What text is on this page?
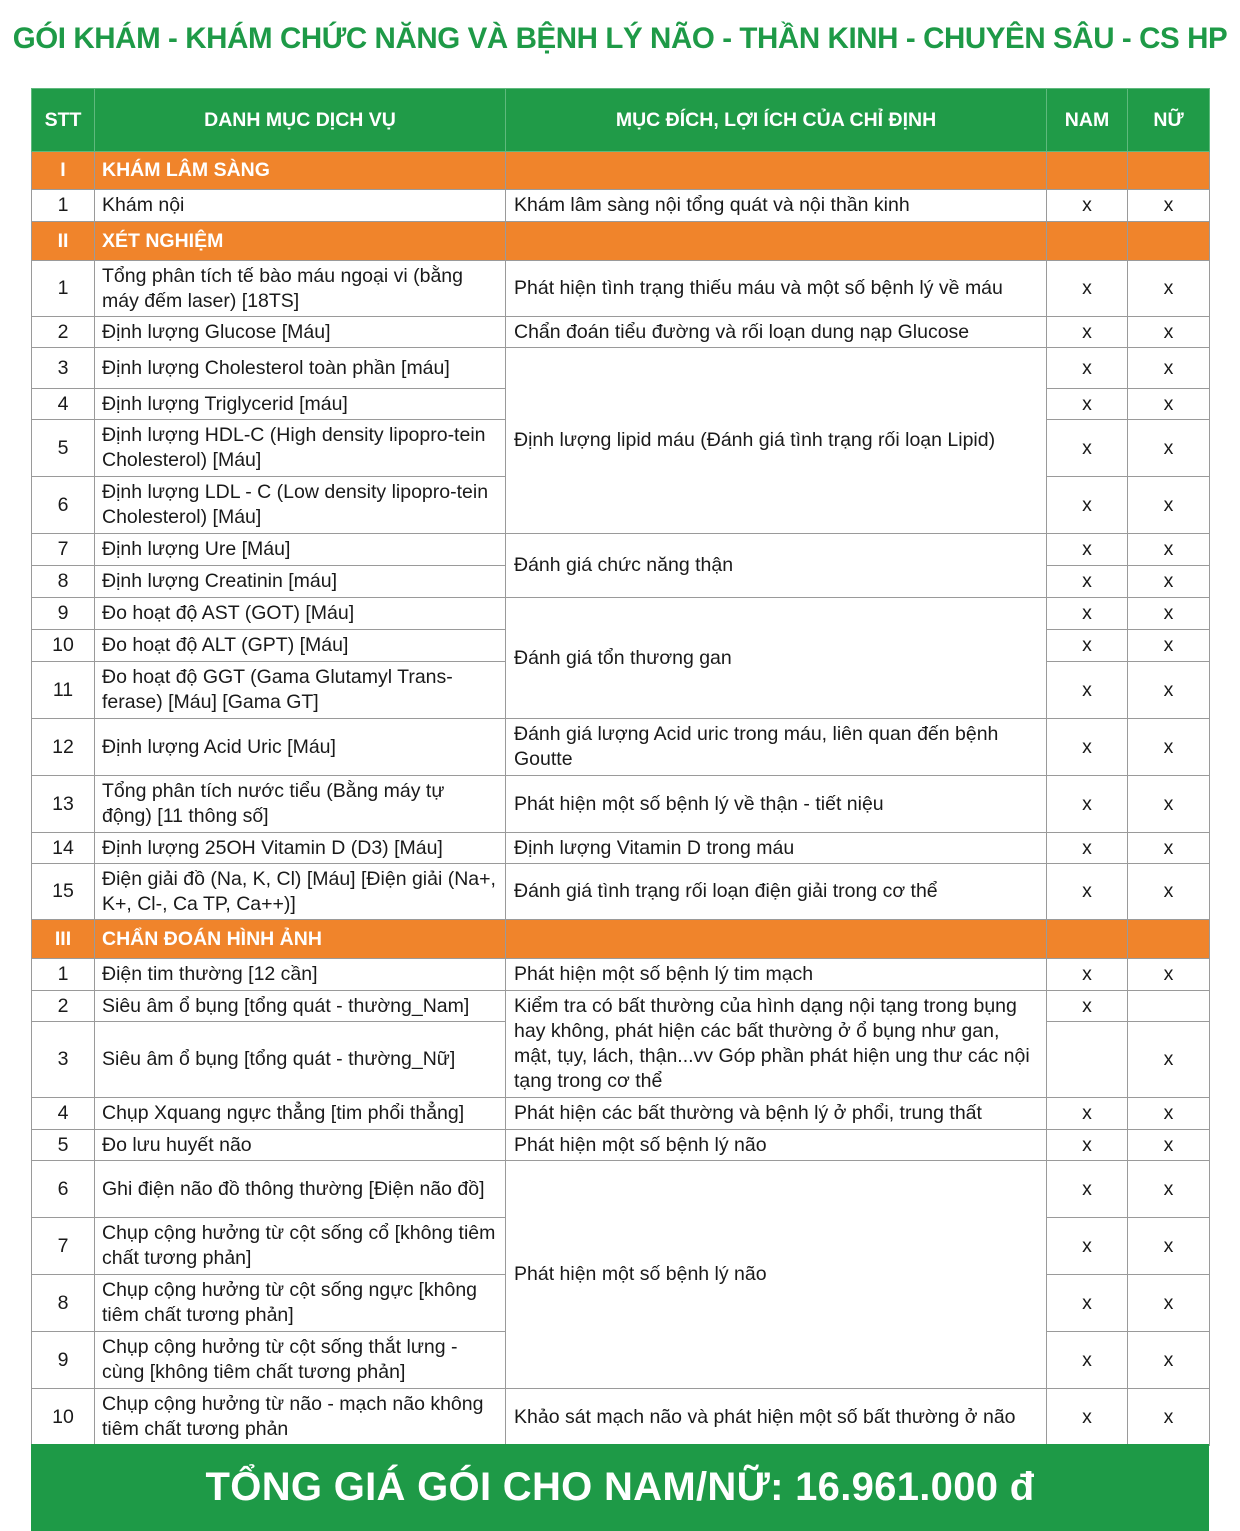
GÓI KHÁM - KHÁM CHỨC NĂNG VÀ BỆNH LÝ NÃO - THẦN KINH - CHUYÊN SÂU - CS HP
STT	DANH MỤC DỊCH VỤ	MỤC ĐÍCH, LỢI ÍCH CỦA CHỈ ĐỊNH	NAM	NỮ
I	KHÁM LÂM SÀNG			
1	Khám nội	Khám lâm sàng nội tổng quát và nội thần kinh	x	x
II	XÉT NGHIỆM			
1	Tổng phân tích tế bào máu ngoại vi (bằng máy đếm laser) [18TS]	Phát hiện tình trạng thiếu máu và một số bệnh lý về máu	x	x
2	Định lượng Glucose [Máu]	Chẩn đoán tiểu đường và rối loạn dung nạp Glucose	x	x
3	Định lượng Cholesterol toàn phần [máu]	Định lượng lipid máu (Đánh giá tình trạng rối loạn Lipid)	x	x
4	Định lượng Triglycerid [máu]		x	x
5	Định lượng HDL-C (High density lipopro-tein Cholesterol) [Máu]		x	x
6	Định lượng LDL - C (Low density lipopro-tein Cholesterol) [Máu]		x	x
7	Định lượng Ure [Máu]	Đánh giá chức năng thận	x	x
8	Định lượng Creatinin [máu]		x	x
9	Đo hoạt độ AST (GOT) [Máu]	Đánh giá tổn thương gan	x	x
10	Đo hoạt độ ALT (GPT) [Máu]		x	x
11	Đo hoạt độ GGT (Gama Glutamyl Trans-ferase) [Máu] [Gama GT]		x	x
12	Định lượng Acid Uric [Máu]	Đánh giá lượng Acid uric trong máu, liên quan đến bệnh Goutte	x	x
13	Tổng phân tích nước tiểu (Bằng máy tự động) [11 thông số]	Phát hiện một số bệnh lý về thận - tiết niệu	x	x
14	Định lượng 25OH Vitamin D (D3) [Máu]	Định lượng Vitamin D trong máu	x	x
15	Điện giải đồ (Na, K, Cl) [Máu] [Điện giải (Na+, K+, Cl-, Ca TP, Ca++)]	Đánh giá tình trạng rối loạn điện giải trong cơ thể	x	x
III	CHẨN ĐOÁN HÌNH ẢNH			
1	Điện tim thường [12 cần]	Phát hiện một số bệnh lý tim mạch	x	x
2	Siêu âm ổ bụng [tổng quát - thường_Nam]	Kiểm tra có bất thường của hình dạng nội tạng trong bụng hay không, phát hiện các bất thường ở ổ bụng như gan, mật, tụy, lách, thận...vv Góp phần phát hiện ung thư các nội tạng trong cơ thể	x	
3	Siêu âm ổ bụng [tổng quát - thường_Nữ]			x
4	Chụp Xquang ngực thẳng [tim phổi thẳng]	Phát hiện các bất thường và bệnh lý ở phổi, trung thất	x	x
5	Đo lưu huyết não	Phát hiện một số bệnh lý não	x	x
6	Ghi điện não đồ thông thường [Điện não đồ]	Phát hiện một số bệnh lý não	x	x
7	Chụp cộng hưởng từ cột sống cổ [không tiêm chất tương phản]		x	x
8	Chụp cộng hưởng từ cột sống ngực [không tiêm chất tương phản]		x	x
9	Chụp cộng hưởng từ cột sống thắt lưng - cùng [không tiêm chất tương phản]		x	x
10	Chụp cộng hưởng từ não - mạch não không tiêm chất tương phản	Khảo sát mạch não và phát hiện một số bất thường ở não	x	x
TỔNG GIÁ GÓI CHO NAM/NỮ: 16.961.000 đ
